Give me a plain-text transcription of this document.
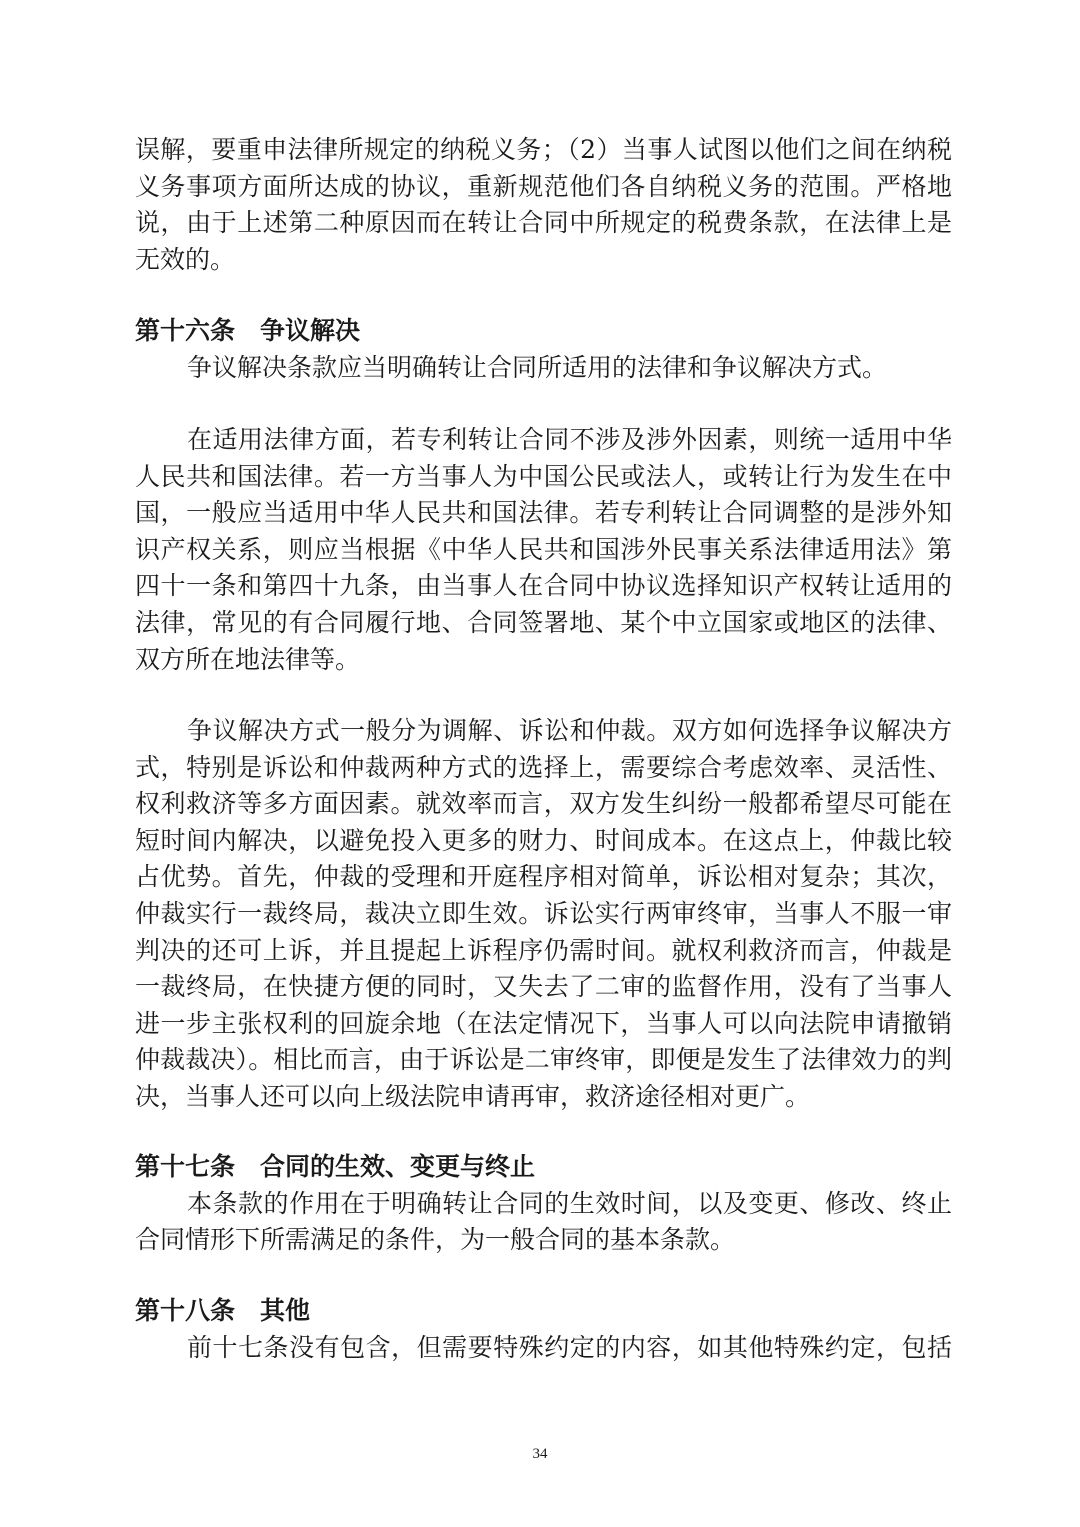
误解，要重申法律所规定的纳税义务；（2）当事人试图以他们之间在纳税
义务事项方面所达成的协议，重新规范他们各自纳税义务的范围。严格地
说，由于上述第二种原因而在转让合同中所规定的税费条款，在法律上是
无效的。
第十六条　争议解决
争议解决条款应当明确转让合同所适用的法律和争议解决方式。
在适用法律方面，若专利转让合同不涉及涉外因素，则统一适用中华
人民共和国法律。若一方当事人为中国公民或法人，或转让行为发生在中
国，一般应当适用中华人民共和国法律。若专利转让合同调整的是涉外知
识产权关系，则应当根据《中华人民共和国涉外民事关系法律适用法》第
四十一条和第四十九条，由当事人在合同中协议选择知识产权转让适用的
法律，常见的有合同履行地、合同签署地、某个中立国家或地区的法律、
双方所在地法律等。
争议解决方式一般分为调解、诉讼和仲裁。双方如何选择争议解决方
式，特别是诉讼和仲裁两种方式的选择上，需要综合考虑效率、灵活性、
权利救济等多方面因素。就效率而言，双方发生纠纷一般都希望尽可能在
短时间内解决，以避免投入更多的财力、时间成本。在这点上，仲裁比较
占优势。首先，仲裁的受理和开庭程序相对简单，诉讼相对复杂；其次，
仲裁实行一裁终局，裁决立即生效。诉讼实行两审终审，当事人不服一审
判决的还可上诉，并且提起上诉程序仍需时间。就权利救济而言，仲裁是
一裁终局，在快捷方便的同时，又失去了二审的监督作用，没有了当事人
进一步主张权利的回旋余地（在法定情况下，当事人可以向法院申请撤销
仲裁裁决）。相比而言，由于诉讼是二审终审，即便是发生了法律效力的判
决，当事人还可以向上级法院申请再审，救济途径相对更广。
第十七条　合同的生效、变更与终止
本条款的作用在于明确转让合同的生效时间，以及变更、修改、终止
合同情形下所需满足的条件，为一般合同的基本条款。
第十八条　其他
前十七条没有包含，但需要特殊约定的内容，如其他特殊约定，包括
34
